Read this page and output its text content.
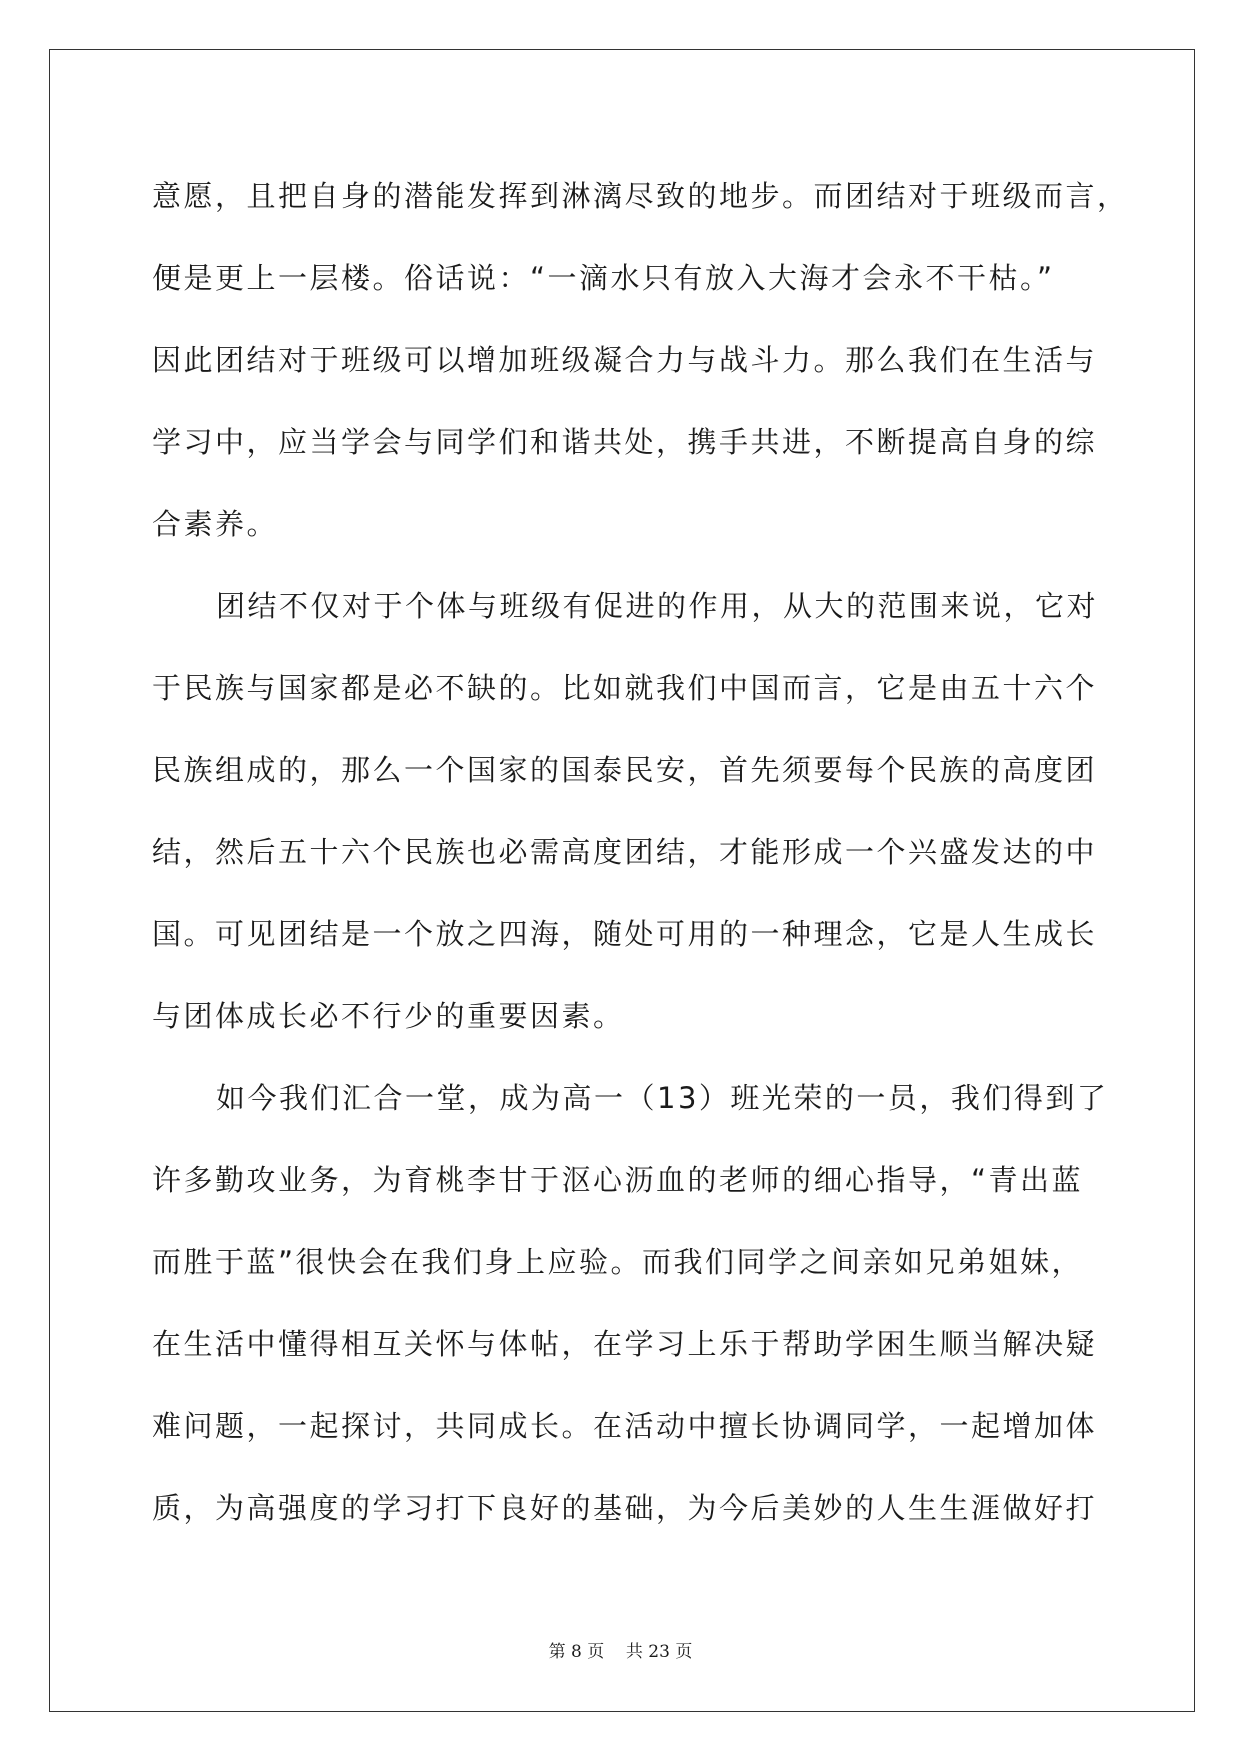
意愿，且把自身的潜能发挥到淋漓尽致的地步。而团结对于班级而言，
便是更上一层楼。俗话说：“一滴水只有放入大海才会永不干枯。”
因此团结对于班级可以增加班级凝合力与战斗力。那么我们在生活与
学习中，应当学会与同学们和谐共处，携手共进，不断提高自身的综
合素养。
团结不仅对于个体与班级有促进的作用，从大的范围来说，它对
于民族与国家都是必不缺的。比如就我们中国而言，它是由五十六个
民族组成的，那么一个国家的国泰民安，首先须要每个民族的高度团
结，然后五十六个民族也必需高度团结，才能形成一个兴盛发达的中
国。可见团结是一个放之四海，随处可用的一种理念，它是人生成长
与团体成长必不行少的重要因素。
如今我们汇合一堂，成为高一（13）班光荣的一员，我们得到了
许多勤攻业务，为育桃李甘于沤心沥血的老师的细心指导，“青出蓝
而胜于蓝”很快会在我们身上应验。而我们同学之间亲如兄弟姐妹，
在生活中懂得相互关怀与体帖，在学习上乐于帮助学困生顺当解决疑
难问题，一起探讨，共同成长。在活动中擅长协调同学，一起增加体
质，为高强度的学习打下良好的基础，为今后美妙的人生生涯做好打
第 8 页    共 23 页
